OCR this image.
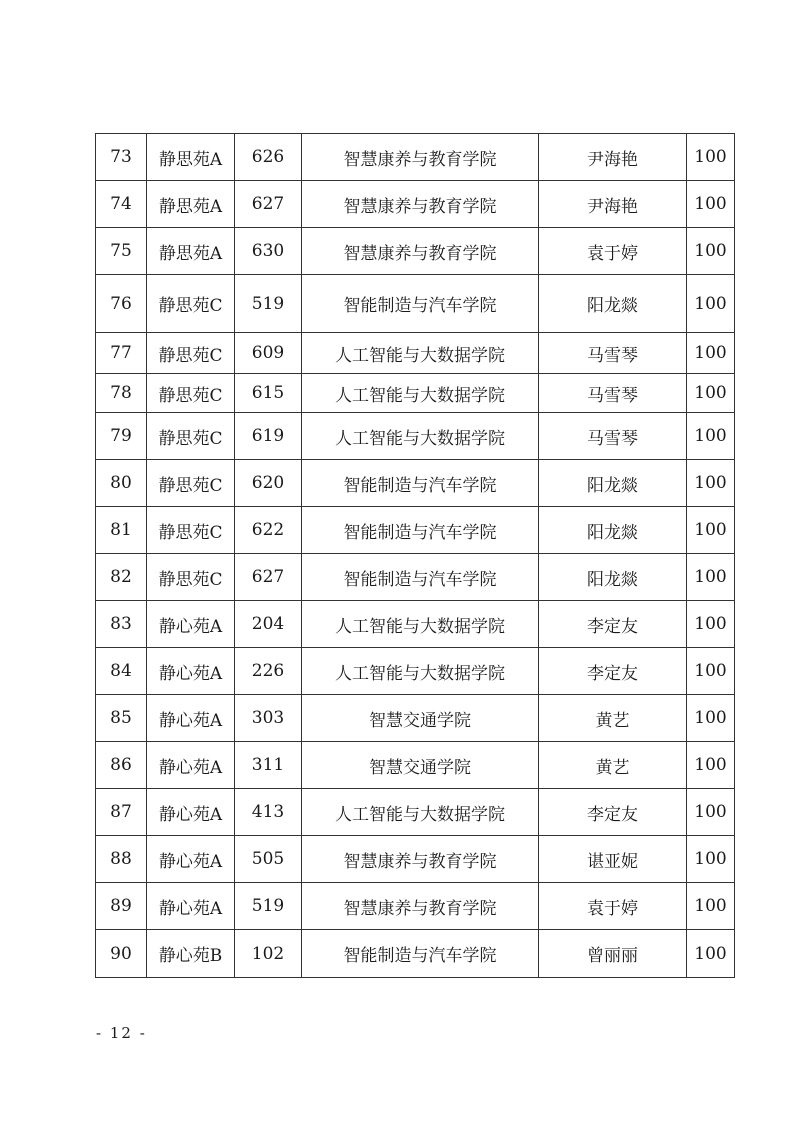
73	静思苑A	626	智慧康养与教育学院	尹海艳	100
74	静思苑A	627	智慧康养与教育学院	尹海艳	100
75	静思苑A	630	智慧康养与教育学院	袁于婷	100
76	静思苑C	519	智能制造与汽车学院	阳龙燚	100
77	静思苑C	609	人工智能与大数据学院	马雪琴	100
78	静思苑C	615	人工智能与大数据学院	马雪琴	100
79	静思苑C	619	人工智能与大数据学院	马雪琴	100
80	静思苑C	620	智能制造与汽车学院	阳龙燚	100
81	静思苑C	622	智能制造与汽车学院	阳龙燚	100
82	静思苑C	627	智能制造与汽车学院	阳龙燚	100
83	静心苑A	204	人工智能与大数据学院	李定友	100
84	静心苑A	226	人工智能与大数据学院	李定友	100
85	静心苑A	303	智慧交通学院	黄艺	100
86	静心苑A	311	智慧交通学院	黄艺	100
87	静心苑A	413	人工智能与大数据学院	李定友	100
88	静心苑A	505	智慧康养与教育学院	谌亚妮	100
89	静心苑A	519	智慧康养与教育学院	袁于婷	100
90	静心苑B	102	智能制造与汽车学院	曾丽丽	100
- 12 -
